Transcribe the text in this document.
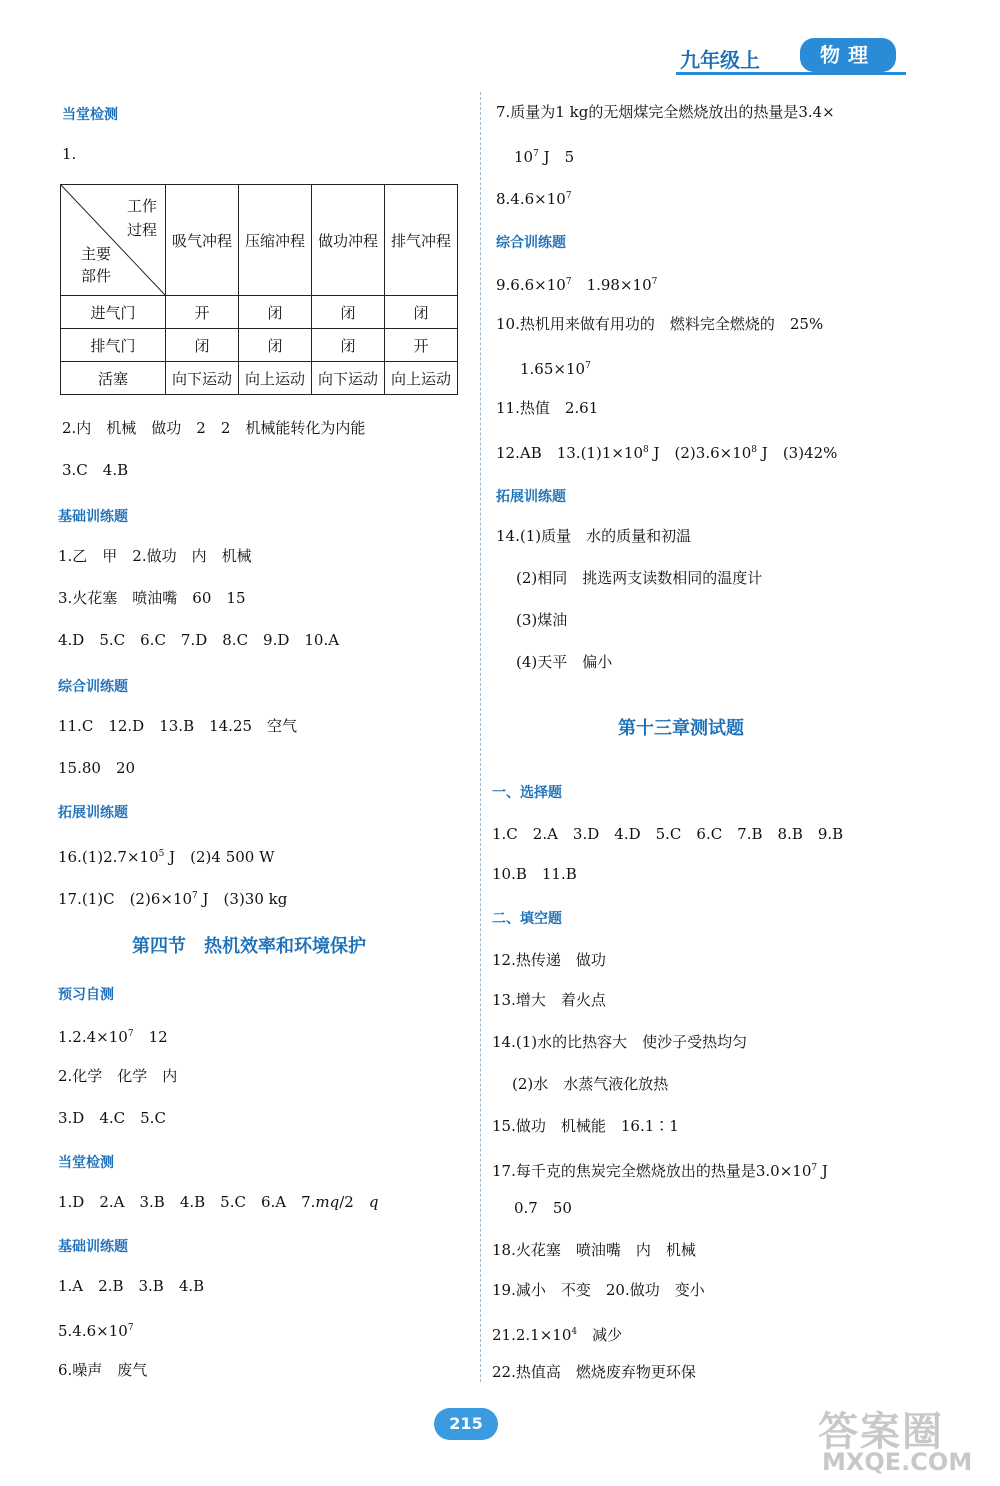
九年级上	物理
当堂检测
1.
工作
过程
主要
部件	吸气冲程	压缩冲程	做功冲程	排气冲程
进气门	开	闭	闭	闭
排气门	闭	闭	闭	开
活塞	向下运动	向上运动	向下运动	向上运动
2.内　机械　做功　2　2　机械能转化为内能
3.C　4.B
基础训练题
1.乙　甲　2.做功　内　机械
3.火花塞　喷油嘴　60　15
4.D　5.C　6.C　7.D　8.C　9.D　10.A
综合训练题
11.C　12.D　13.B　14.25　空气
15.80　20
拓展训练题
$16.(1)2.7\times 10^5$ J　(2)4 500 W
17.(1)C　$(2)6\times 10^7$ J　(3)30 kg
第四节　热机效率和环境保护
预习自测
$1.2.4\times 10^7$　12
2.化学　化学　内
3.D　4.C　5.C
当堂检测
1.D　2.A　3.B　4.B　5.C　6.A　7.mq/2　q
基础训练题
1.A　2.B　3.B　4.B
$5.4.6\times 10^7$
6.噪声　废气
7.质量为1 kg的无烟煤完全燃烧放出的热量是3.4×
$10^7$ J　5
$8.4.6\times 10^7$
综合训练题
$9.6.6\times 10^7$　$1.98\times 10^7$
10.热机用来做有用功的　燃料完全燃烧的　25%
$1.65\times 10^7$
11.热值　2.61
12.AB　$13.(1)1\times 10^8$ J　$(2)3.6\times 10^8$ J　(3)42%
拓展训练题
14.(1)质量　水的质量和初温
(2)相同　挑选两支读数相同的温度计
(3)煤油
(4)天平　偏小
第十三章测试题
一、选择题
1.C　2.A　3.D　4.D　5.C　6.C　7.B　8.B　9.B
10.B　11.B
二、填空题
12.热传递　做功
13.增大　着火点
14.(1)水的比热容大　使沙子受热均匀
(2)水　水蒸气液化放热
15.做功　机械能　16.1∶1
17.每千克的焦炭完全燃烧放出的热量是$3.0\times 10^7$ J
0.7　50
18.火花塞　喷油嘴　内　机械
19.减小　不变　20.做功　变小
$21.2.1\times 10^4$　减少
22.热值高　燃烧废弃物更环保
215	答案圈
MXQE.COM
